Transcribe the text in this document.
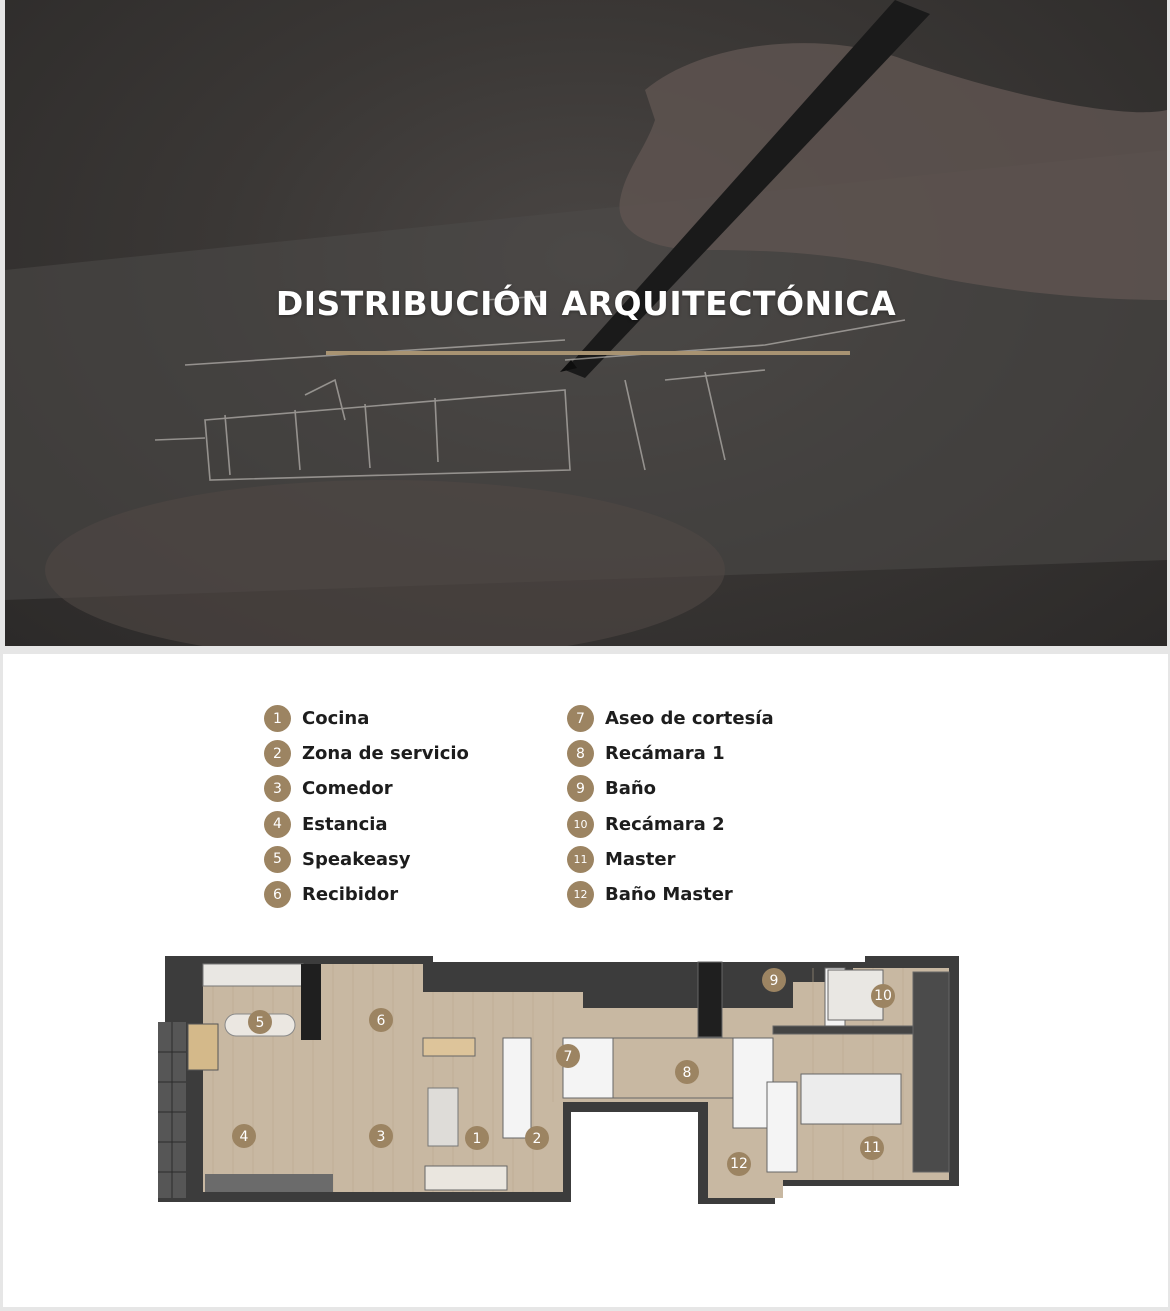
DISTRIBUCIÓN ARQUITECTÓNICA
1	Cocina
2	Zona de servicio
3	Comedor
4	Estancia
5	Speakeasy
6	Recibidor
7	Aseo de cortesía
8	Recámara 1
9	Baño
10 Recámara 2
11 Master
12 Baño Master
1	2
3
4
5	6
7
8
9
10
11
12
